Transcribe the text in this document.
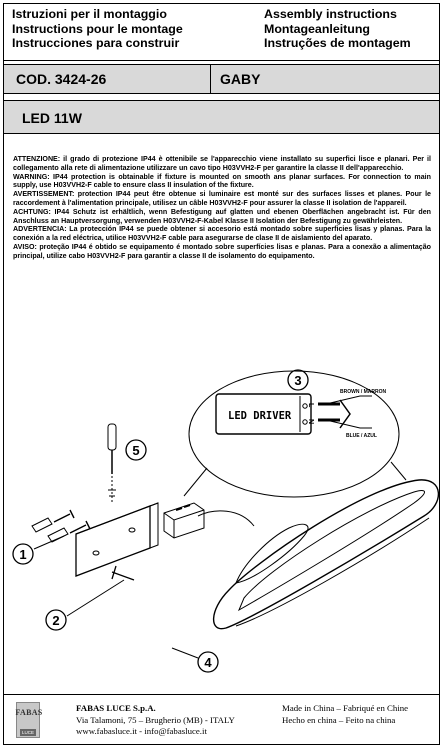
Istruzioni per il montaggio
Instructions pour le montage
Instrucciones para construir
Assembly instructions
Montageanleitung
Instruções de montagem
COD. 3424-26	GABY
LED 11W

ATTENZIONE: il grado di protezione IP44 è ottenibile se l'apparecchio viene installato su superfici lisce e planari. Per il collegamento alla rete di alimentazione utilizzare un cavo tipo H03VVH2-F per garantire la classe II dell'apparecchio.

WARNING: IP44 protection is obtainable if fixture is mounted on smooth ans planar surfaces. For connection to main supply, use H03VVH2-F cable to ensure class II insulation of the fixture.

AVERTISSEMENT: protection IP44 peut être obtenue si luminaire est monté sur des surfaces lisses et planes. Pour le raccordement à l'alimentation principale, utilisez un câble H03VVH2-F pour assurer la classe II isolation de l'appareil.

ACHTUNG: IP44 Schutz ist erhältlich, wenn Befestigung auf glatten und ebenen Oberflächen angebracht ist. Für den Anschluss an Hauptversorgung, verwenden H03VVH2-F-Kabel Klasse II Isolation der Befestigung zu gewährleisten.

ADVERTENCIA: La protección IP44 se puede obtener si accesorio está montado sobre superficies lisas y planas. Para la conexión a la red eléctrica, utilice H03VVH2-F cable para asegurarse de clase II de aislamiento del aparato.

AVISO: proteção IP44 é obtido se equipamento é montado sobre superfícies lisas e planas. Para a conexão a alimentação principal, utilize cabo H03VVH2-F para garantir a classe II de isolamento do equipamento.

LED DRIVER
L
N
BROWN / MARRON
BLUE / AZUL
3
5
1
2
4
FABAS
LUCE
FABAS LUCE S.p.A.
Via Talamoni, 75 – Brugherio (MB) - ITALY
www.fabasluce.it - info@fabasluce.it
Made in China – Fabriqué en Chine
Hecho en china – Feito na china
